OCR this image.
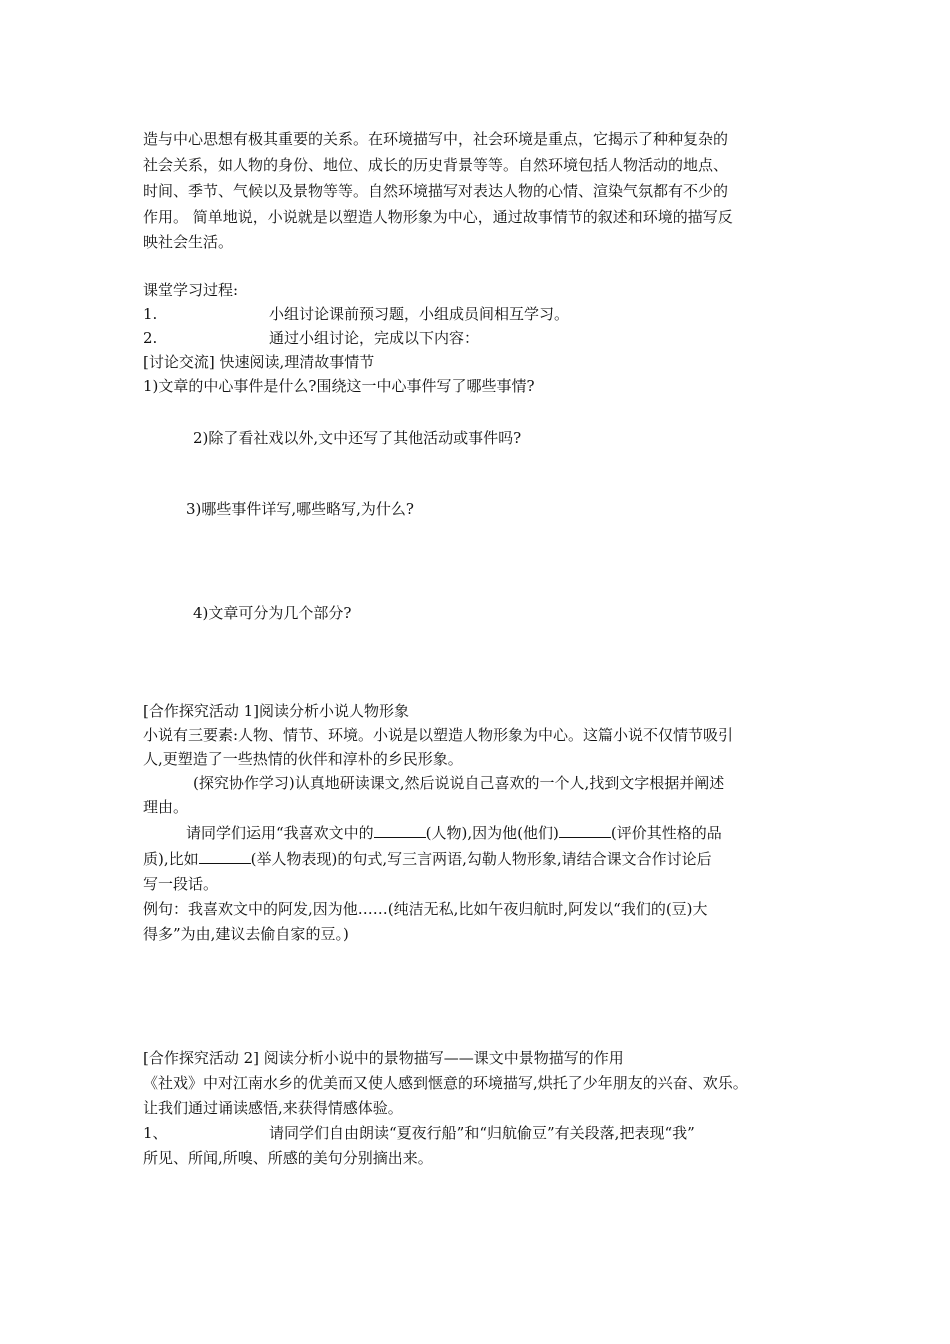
造与中心思想有极其重要的关系。在环境描写中，社会环境是重点，它揭示了种种复杂的
社会关系，如人物的身份、地位、成长的历史背景等等。自然环境包括人物活动的地点、
时间、季节、气候以及景物等等。自然环境描写对表达人物的心情、渲染气氛都有不少的
作用。 简单地说，小说就是以塑造人物形象为中心，通过故事情节的叙述和环境的描写反
映社会生活。
课堂学习过程:
1.	小组讨论课前预习题，小组成员间相互学习。
2.	通过小组讨论，完成以下内容：
[讨论交流] 快速阅读,理清故事情节
1)文章的中心事件是什么?围绕这一中心事件写了哪些事情?
2)除了看社戏以外,文中还写了其他活动或事件吗?
3)哪些事件详写,哪些略写,为什么?
4)文章可分为几个部分?
[合作探究活动 1]阅读分析小说人物形象
小说有三要素:人物、情节、环境。小说是以塑造人物形象为中心。这篇小说不仅情节吸引
人,更塑造了一些热情的伙伴和淳朴的乡民形象。
(探究协作学习)认真地研读课文,然后说说自己喜欢的一个人,找到文字根据并阐述
理由。
请同学们运用“我喜欢文中的	(人物),因为他(他们)	(评价其性格的品
质),比如	(举人物表现)的句式,写三言两语,勾勒人物形象,请结合课文合作讨论后
写一段话。
例句：我喜欢文中的阿发,因为他……(纯洁无私,比如午夜归航时,阿发以“我们的(豆)大
得多”为由,建议去偷自家的豆。)
[合作探究活动 2] 阅读分析小说中的景物描写——课文中景物描写的作用
《社戏》中对江南水乡的优美而又使人感到惬意的环境描写,烘托了少年朋友的兴奋、欢乐。
让我们通过诵读感悟,来获得情感体验。
1、	请同学们自由朗读“夏夜行船”和“归航偷豆”有关段落,把表现“我”
所见、所闻,所嗅、所感的美句分别摘出来。
